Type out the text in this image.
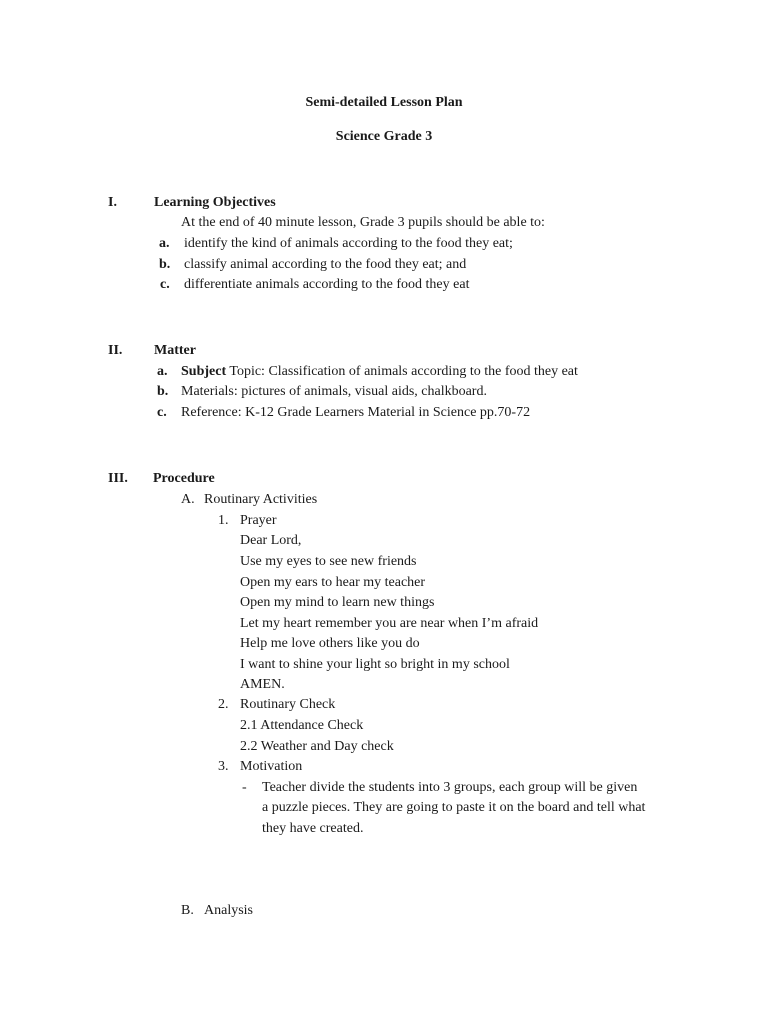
Semi-detailed Lesson Plan
Science Grade 3
I.	Learning Objectives
At the end of 40 minute lesson, Grade 3 pupils should be able to:
a. identify the kind of animals according to the food they eat;
b. classify animal according to the food they eat; and
c. differentiate animals according to the food they eat
II. Matter
a. Subject Topic: Classification of animals according to the food they eat
b. Materials: pictures of animals, visual aids, chalkboard.
c. Reference: K-12 Grade Learners Material in Science pp.70-72
III. Procedure
A. Routinary Activities
1. Prayer
Dear Lord,
Use my eyes to see new friends
Open my ears to hear my teacher
Open my mind to learn new things
Let my heart remember you are near when I’m afraid
Help me love others like you do
I want to shine your light so bright in my school
AMEN.
2. Routinary Check
2.1 Attendance Check
2.2 Weather and Day check
3. Motivation
- Teacher divide the students into 3 groups, each group will be given
a puzzle pieces. They are going to paste it on the board and tell what
they have created.
B. Analysis
